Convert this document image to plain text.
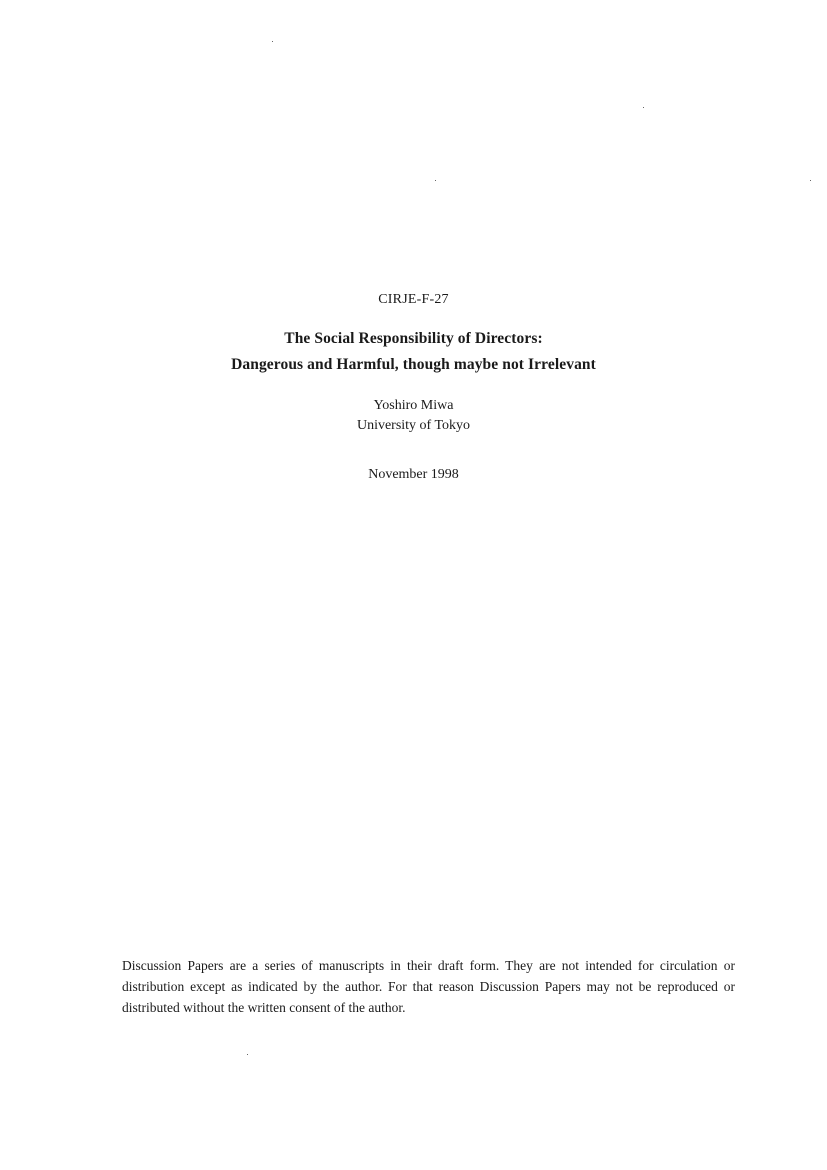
CIRJE-F-27
The Social Responsibility of Directors:
Dangerous and Harmful, though maybe not Irrelevant
Yoshiro Miwa
University of Tokyo
November 1998
Discussion Papers are a series of manuscripts in their draft form. They are not intended for circulation or distribution except as indicated by the author. For that reason Discussion Papers may not be reproduced or distributed without the written consent of the author.
